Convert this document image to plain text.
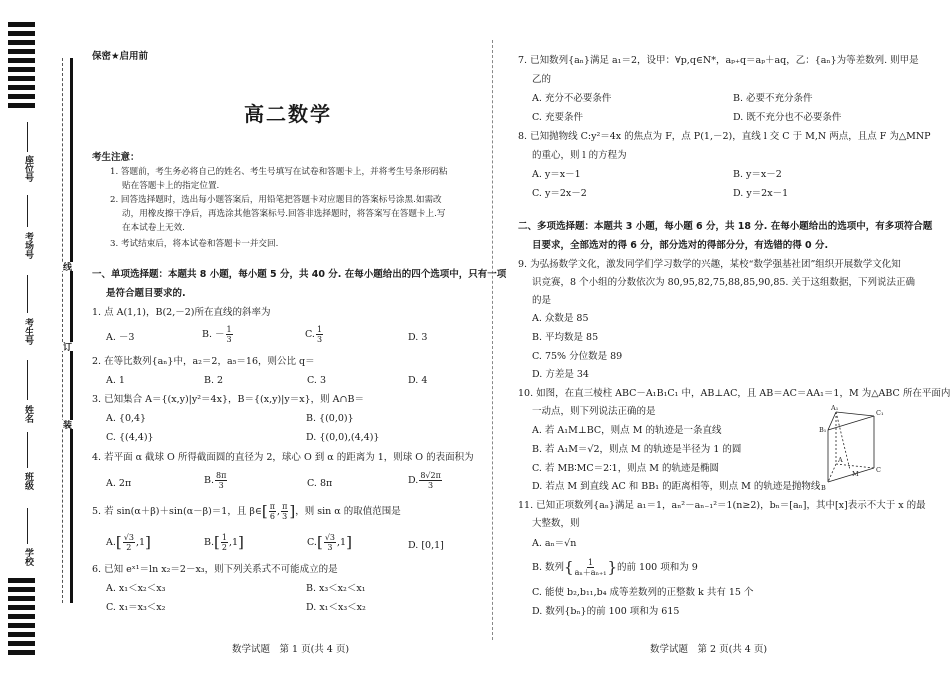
座位号
考场号
考生号
姓名
班级
学校
线
订
装
保密★启用前
高二数学
考生注意：
1. 答题前，考生务必将自己的姓名、考生号填写在试卷和答题卡上，并将考生号条形码粘
贴在答题卡上的指定位置.
2. 回答选择题时，选出每小题答案后，用铅笔把答题卡对应题目的答案标号涂黑.如需改
动，用橡皮擦干净后，再选涂其他答案标号.回答非选择题时，将答案写在答题卡上.写
在本试卷上无效.
3. 考试结束后，将本试卷和答题卡一并交回.
一、单项选择题：本题共 8 小题，每小题 5 分，共 40 分. 在每小题给出的四个选项中，只有一项
是符合题目要求的.
1. 点 A(1,1)，B(2,－2)所在直线的斜率为
A. －3	B. － $\frac{1}{3}$	C. $\frac{1}{3}$	D. 3
2. 在等比数列{aₙ}中，a₂＝2，a₅＝16，则公比 q＝
A. 1	B. 2	C. 3	D. 4
3. 已知集合 A＝{(x,y)|y²＝4x}，B＝{(x,y)|y＝x}，则 A∩B＝
A. {0,4}	B. {(0,0)}
C. {(4,4)}	D. {(0,0),(4,4)}
4. 若平面 α 截球 O 所得截面圆的直径为 2，球心 O 到 α 的距离为 1，则球 O 的表面积为
A. 2π	B. $\frac{8\pi}{3}$	C. 8π	D. $\frac{8√2\pi}{3}$
5. 若 sin(α＋β)＋sin(α－β)＝1，且 β∈[ $\frac{\pi}{6}$ , $\frac{\pi}{3}$ ]，则 sin α 的取值范围是
$A.[ \frac{√3}{2} ,1]$	$B.[ \frac{1}{2} ,1]$	$C.[ \frac{√3}{3} ,1]$	D. [0,1]
6. 已知 eˣ¹＝ln x₂＝2－x₃，则下列关系式不可能成立的是
A. x₁＜x₂＜x₃	B. x₃＜x₂＜x₁
C. x₁＝x₃＜x₂	D. x₁＜x₃＜x₂
数学试题　第 1 页(共 4 页)
7. 已知数列{aₙ}满足 a₁＝2，设甲：∀p,q∈N*，aₚ₊q＝aₚ＋aq，乙：{aₙ}为等差数列. 则甲是
乙的
A. 充分不必要条件	B. 必要不充分条件
C. 充要条件	D. 既不充分也不必要条件
8. 已知抛物线 C:y²＝4x 的焦点为 F，点 P(1,－2)，直线 l 交 C 于 M,N 两点，且点 F 为△MNP
的重心，则 l 的方程为
A. y＝x－1	B. y＝x－2
C. y＝2x－2	D. y＝2x－1
二、多项选择题：本题共 3 小题，每小题 6 分，共 18 分. 在每小题给出的选项中，有多项符合题
目要求，全部选对的得 6 分，部分选对的得部分分，有选错的得 0 分.
9. 为弘扬数学文化，激发同学们学习数学的兴趣，某校“数学强基社团”组织开展数学文化知
识竞赛，8 个小组的分数依次为 80,95,82,75,88,85,90,85. 关于这组数据，下列说法正确
的是
A. 众数是 85
B. 平均数是 85
C. 75% 分位数是 89
D. 方差是 34
10. 如图，在直三棱柱 ABC－A₁B₁C₁ 中，AB⊥AC，且 AB＝AC＝AA₁＝1，M 为△ABC 所在平面内
一动点，则下列说法正确的是
A. 若 A₁M⊥BC，则点 M 的轨迹是一条直线
B. 若 A₁M＝√2，则点 M 的轨迹是半径为 1 的圆
C. 若 MB∶MC＝2∶1，则点 M 的轨迹是椭圆
D. 若点 M 到直线 AC 和 BB₁ 的距离相等，则点 M 的轨迹是抛物线
A₁
B₁
C₁
A
B
C
M
11. 已知正项数列{aₙ}满足 a₁＝1，aₙ²－aₙ₋₁²＝1(n≥2)，bₙ＝[aₙ]，其中[x]表示不大于 x 的最
大整数，则
A. aₙ＝√n
B. 数列{ $\frac{1}{\text{aₙ＋aₙ₊₁}}$ }的前 100 项和为 9
C. 能使 b₂,b₁₁,b₄ 成等差数列的正整数 k 共有 15 个
D. 数列{bₙ}的前 100 项和为 615
数学试题　第 2 页(共 4 页)
